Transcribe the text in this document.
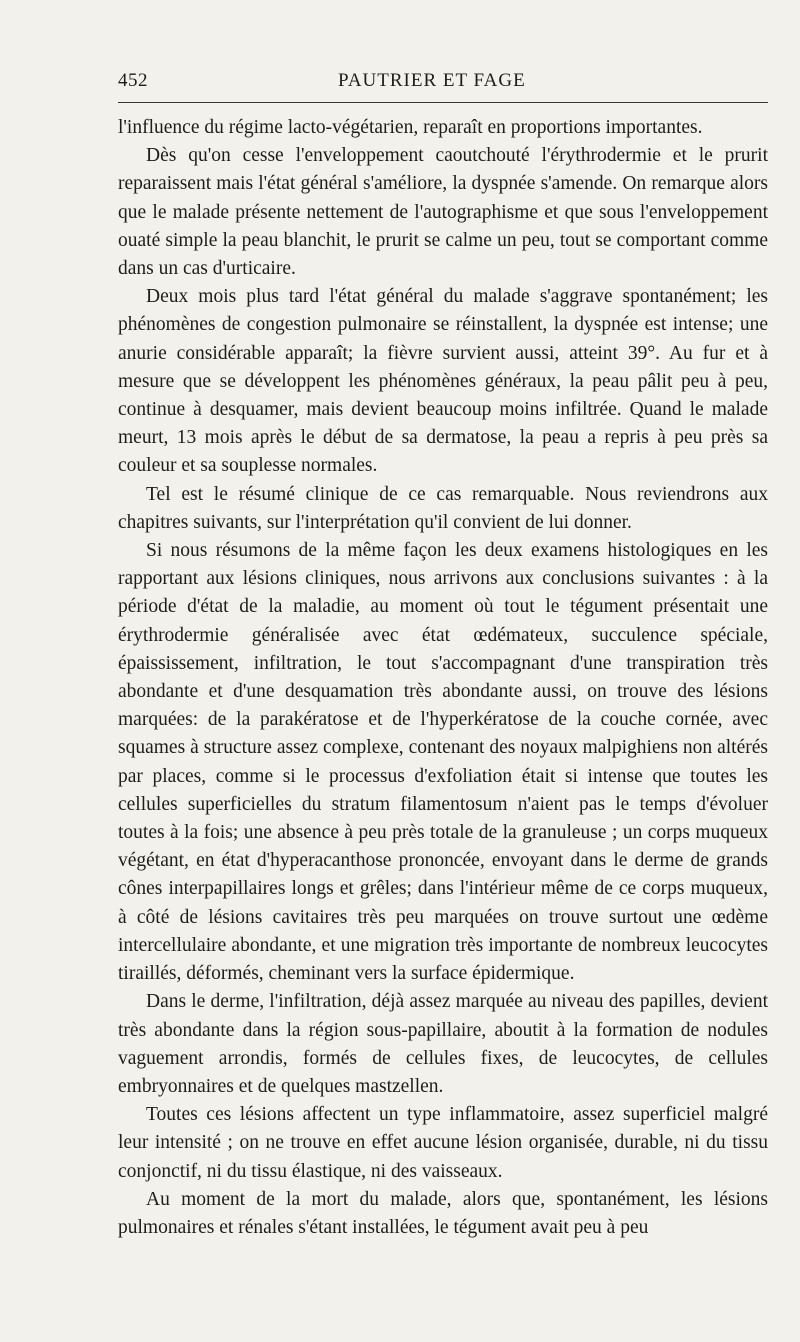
452	PAUTRIER ET FAGE

l'influence du régime lacto-végétarien, reparaît en proportions importantes.

Dès qu'on cesse l'enveloppement caoutchouté l'érythrodermie et le prurit reparaissent mais l'état général s'améliore, la dyspnée s'amende. On remarque alors que le malade présente nettement de l'autographisme et que sous l'enveloppement ouaté simple la peau blanchit, le prurit se calme un peu, tout se comportant comme dans un cas d'urticaire.

Deux mois plus tard l'état général du malade s'aggrave spontanément; les phénomènes de congestion pulmonaire se réinstallent, la dyspnée est intense; une anurie considérable apparaît; la fièvre survient aussi, atteint 39°. Au fur et à mesure que se développent les phénomènes généraux, la peau pâlit peu à peu, continue à desquamer, mais devient beaucoup moins infiltrée. Quand le malade meurt, 13 mois après le début de sa dermatose, la peau a repris à peu près sa couleur et sa souplesse normales.

Tel est le résumé clinique de ce cas remarquable. Nous reviendrons aux chapitres suivants, sur l'interprétation qu'il convient de lui donner.

Si nous résumons de la même façon les deux examens histologiques en les rapportant aux lésions cliniques, nous arrivons aux conclusions suivantes : à la période d'état de la maladie, au moment où tout le tégument présentait une érythrodermie généralisée avec état œdémateux, succulence spéciale, épaississement, infiltration, le tout s'accompagnant d'une transpiration très abondante et d'une desquamation très abondante aussi, on trouve des lésions marquées: de la parakératose et de l'hyperkératose de la couche cornée, avec squames à structure assez complexe, contenant des noyaux malpighiens non altérés par places, comme si le processus d'exfoliation était si intense que toutes les cellules superficielles du stratum filamentosum n'aient pas le temps d'évoluer toutes à la fois; une absence à peu près totale de la granuleuse ; un corps muqueux végétant, en état d'hyperacanthose prononcée, envoyant dans le derme de grands cônes interpapillaires longs et grêles; dans l'intérieur même de ce corps muqueux, à côté de lésions cavitaires très peu marquées on trouve surtout une œdème intercellulaire abondante, et une migration très importante de nombreux leucocytes tiraillés, déformés, cheminant vers la surface épidermique.

Dans le derme, l'infiltration, déjà assez marquée au niveau des papilles, devient très abondante dans la région sous-papillaire, aboutit à la formation de nodules vaguement arrondis, formés de cellules fixes, de leucocytes, de cellules embryonnaires et de quelques mastzellen.

Toutes ces lésions affectent un type inflammatoire, assez superficiel malgré leur intensité ; on ne trouve en effet aucune lésion organisée, durable, ni du tissu conjonctif, ni du tissu élastique, ni des vaisseaux.

Au moment de la mort du malade, alors que, spontanément, les lésions pulmonaires et rénales s'étant installées, le tégument avait peu à peu
